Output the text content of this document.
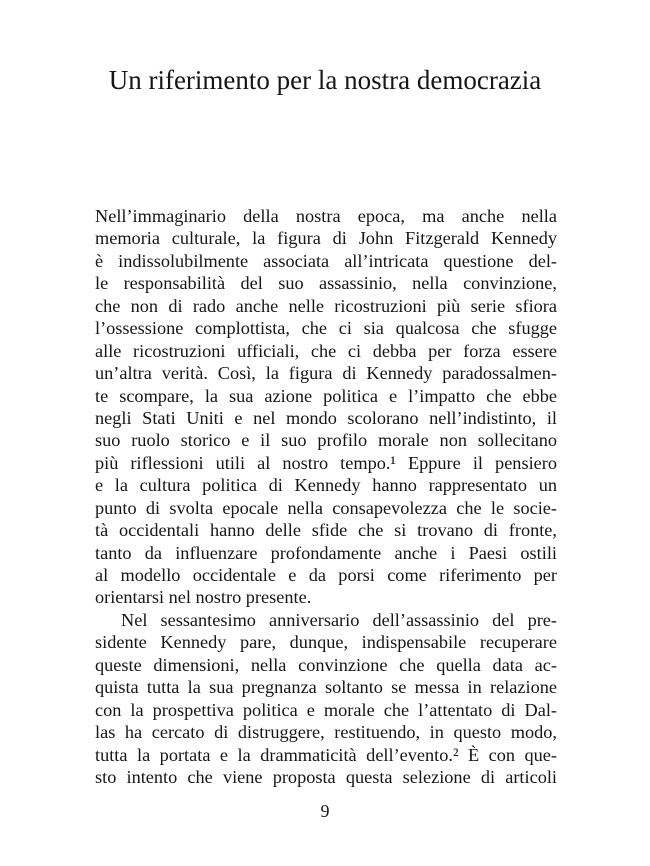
Un riferimento per la nostra democrazia
Nell’immaginario della nostra epoca, ma anche nella
memoria culturale, la figura di John Fitzgerald Kennedy
è indissolubilmente associata all’intricata questione del-
le responsabilità del suo assassinio, nella convinzione,
che non di rado anche nelle ricostruzioni più serie sfiora
l’ossessione complottista, che ci sia qualcosa che sfugge
alle ricostruzioni ufficiali, che ci debba per forza essere
un’altra verità. Così, la figura di Kennedy paradossalmen-
te scompare, la sua azione politica e l’impatto che ebbe
negli Stati Uniti e nel mondo scolorano nell’indistinto, il
suo ruolo storico e il suo profilo morale non sollecitano
più riflessioni utili al nostro tempo.¹ Eppure il pensiero
e la cultura politica di Kennedy hanno rappresentato un
punto di svolta epocale nella consapevolezza che le socie-
tà occidentali hanno delle sfide che si trovano di fronte,
tanto da influenzare profondamente anche i Paesi ostili
al modello occidentale e da porsi come riferimento per
orientarsi nel nostro presente.
Nel sessantesimo anniversario dell’assassinio del pre-
sidente Kennedy pare, dunque, indispensabile recuperare
queste dimensioni, nella convinzione che quella data ac-
quista tutta la sua pregnanza soltanto se messa in relazione
con la prospettiva politica e morale che l’attentato di Dal-
las ha cercato di distruggere, restituendo, in questo modo,
tutta la portata e la drammaticità dell’evento.² È con que-
sto intento che viene proposta questa selezione di articoli
9
